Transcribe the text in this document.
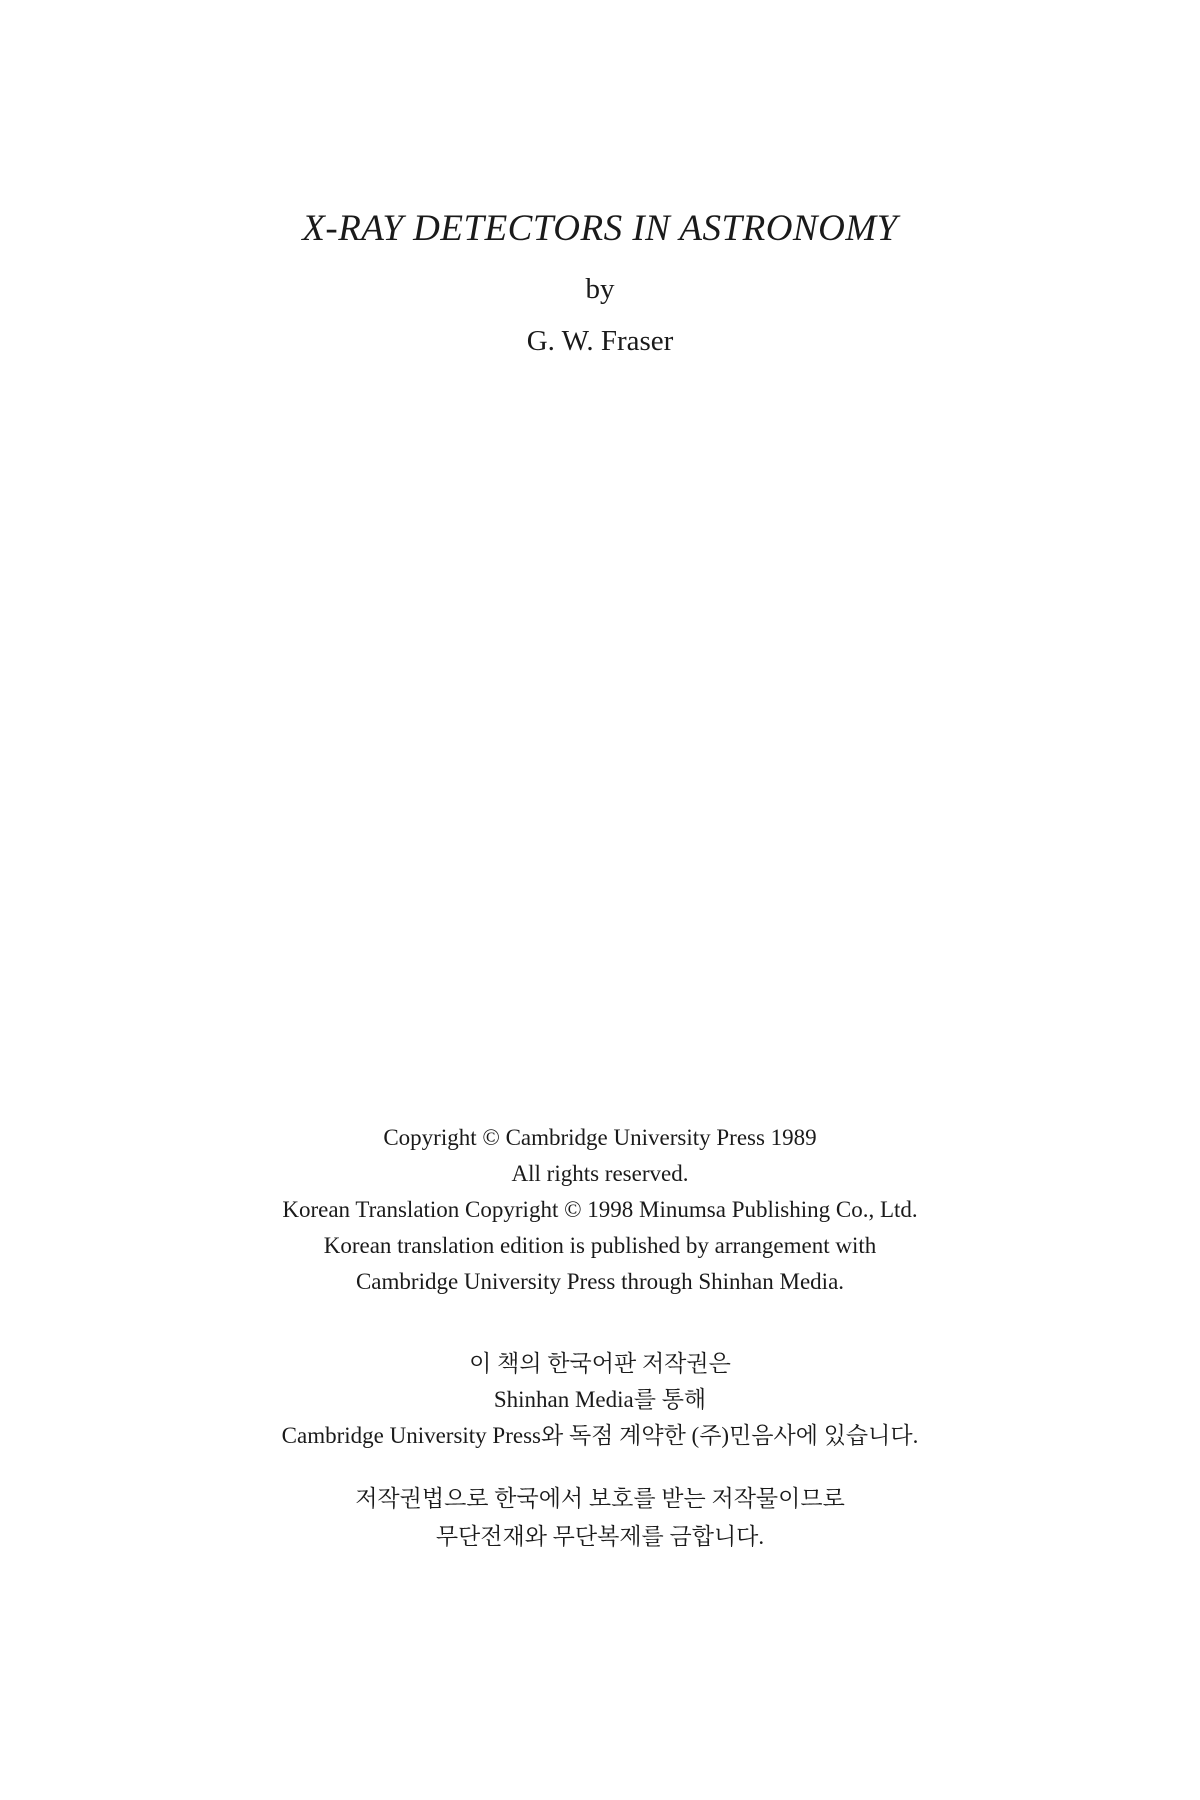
X-RAY DETECTORS IN ASTRONOMY
by
G. W. Fraser
Copyright © Cambridge University Press 1989
All rights reserved.
Korean Translation Copyright © 1998 Minumsa Publishing Co., Ltd.
Korean translation edition is published by arrangement with
Cambridge University Press through Shinhan Media.
이 책의 한국어판 저작권은
Shinhan Media를 통해
Cambridge University Press와 독점 계약한 (주)민음사에 있습니다.
저작권법으로 한국에서 보호를 받는 저작물이므로
무단전재와 무단복제를 금합니다.
